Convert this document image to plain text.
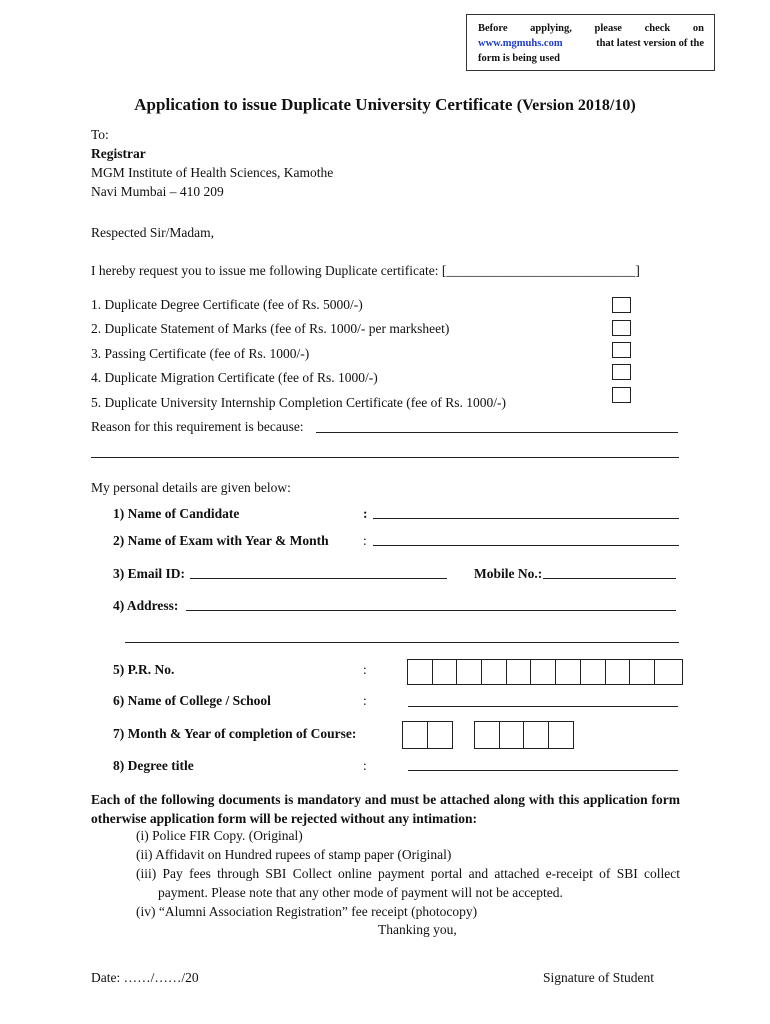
Before applying, please check on
www.mgmuhs.com	that latest version of the
form is being used
Application to issue Duplicate University Certificate (Version 2018/10)
To:
Registrar
MGM Institute of Health Sciences, Kamothe
Navi Mumbai – 410 209
Respected Sir/Madam,
I hereby request you to issue me following Duplicate certificate: [____________________________]
1. Duplicate Degree Certificate (fee of Rs. 5000/-)
2. Duplicate Statement of Marks (fee of Rs. 1000/- per marksheet)
3. Passing Certificate (fee of Rs. 1000/-)
4. Duplicate Migration Certificate (fee of Rs. 1000/-)
5. Duplicate University Internship Completion Certificate (fee of Rs. 1000/-)
Reason for this requirement is because:
My personal details are given below:
1) Name of Candidate	:
2) Name of Exam with Year & Month	:
3) Email ID:	Mobile No.:
4) Address:
5) P.R. No.	:
6) Name of College / School	:
7) Month & Year of completion of Course:
8) Degree title	:
Each of the following documents is mandatory and must be attached along with this application form otherwise application form will be rejected without any intimation:
(i) Police FIR Copy. (Original)
(ii) Affidavit on Hundred rupees of stamp paper (Original)
(iii) Pay fees through SBI Collect online payment portal and attached e-receipt of SBI collect
payment. Please note that any other mode of payment will not be accepted.
(iv) “Alumni Association Registration” fee receipt (photocopy)
Thanking you,
Date: ……/……/20	Signature of Student
